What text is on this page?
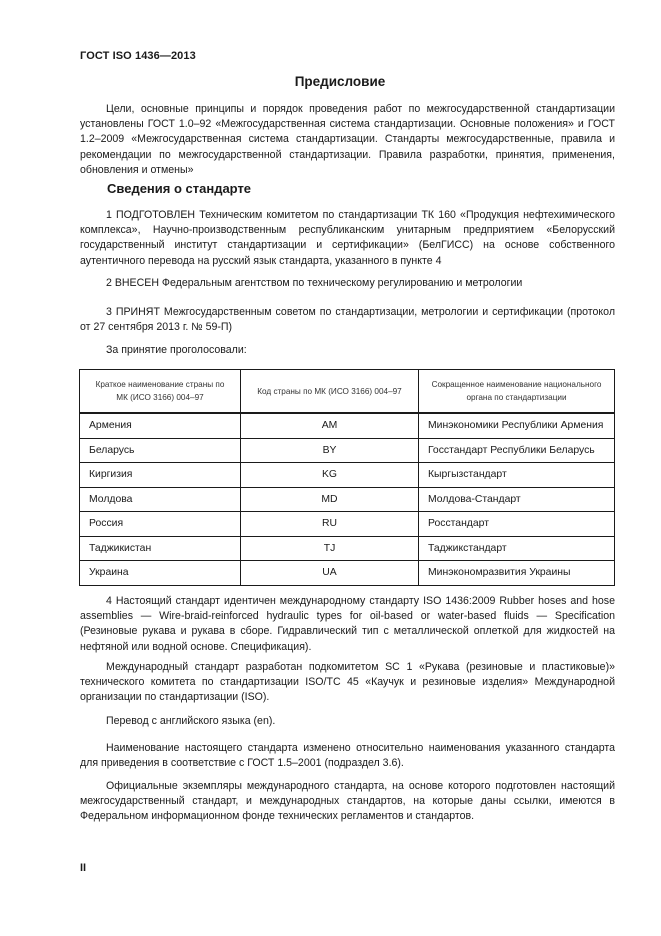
ГОСТ ISO 1436—2013
Предисловие
Цели, основные принципы и порядок проведения работ по межгосударственной стандартизации установлены ГОСТ 1.0–92 «Межгосударственная система стандартизации. Основные положения» и ГОСТ 1.2–2009 «Межгосударственная система стандартизации. Стандарты межгосударственные, правила и рекомендации по межгосударственной стандартизации. Правила разработки, принятия, применения, обновления и отмены»
Сведения о стандарте
1 ПОДГОТОВЛЕН Техническим комитетом по стандартизации ТК 160 «Продукция нефтехимического комплекса», Научно-производственным республиканским унитарным предприятием «Белорусский государственный институт стандартизации и сертификации» (БелГИСС) на основе собственного аутентичного перевода на русский язык стандарта, указанного в пункте 4
2 ВНЕСЕН Федеральным агентством по техническому регулированию и метрологии
3 ПРИНЯТ Межгосударственным советом по стандартизации, метрологии и сертификации (протокол от 27 сентября 2013 г. № 59-П)
За принятие проголосовали:
Краткое наименование страны по МК (ИСО 3166) 004–97	Код страны по МК (ИСО 3166) 004–97	Сокращенное наименование национального органа по стандартизации
Армения	AM	Минэкономики Республики Армения
Беларусь	BY	Госстандарт Республики Беларусь
Киргизия	KG	Кыргызстандарт
Молдова	MD	Молдова-Стандарт
Россия	RU	Росстандарт
Таджикистан	TJ	Таджикстандарт
Украина	UA	Минэкономразвития Украины
4 Настоящий стандарт идентичен международному стандарту ISO 1436:2009 Rubber hoses and hose assemblies — Wire-braid-reinforced hydraulic types for oil-based or water-based fluids — Specification (Резиновые рукава и рукава в сборе. Гидравлический тип с металлической оплеткой для жидкостей на нефтяной или водной основе. Спецификация).
Международный стандарт разработан подкомитетом SC 1 «Рукава (резиновые и пластиковые)» технического комитета по стандартизации ISO/TC 45 «Каучук и резиновые изделия» Международной организации по стандартизации (ISO).
Перевод с английского языка (en).
Наименование настоящего стандарта изменено относительно наименования указанного стандарта для приведения в соответствие с ГОСТ 1.5–2001 (подраздел 3.6).
Официальные экземпляры международного стандарта, на основе которого подготовлен настоящий межгосударственный стандарт, и международных стандартов, на которые даны ссылки, имеются в Федеральном информационном фонде технических регламентов и стандартов.
II
